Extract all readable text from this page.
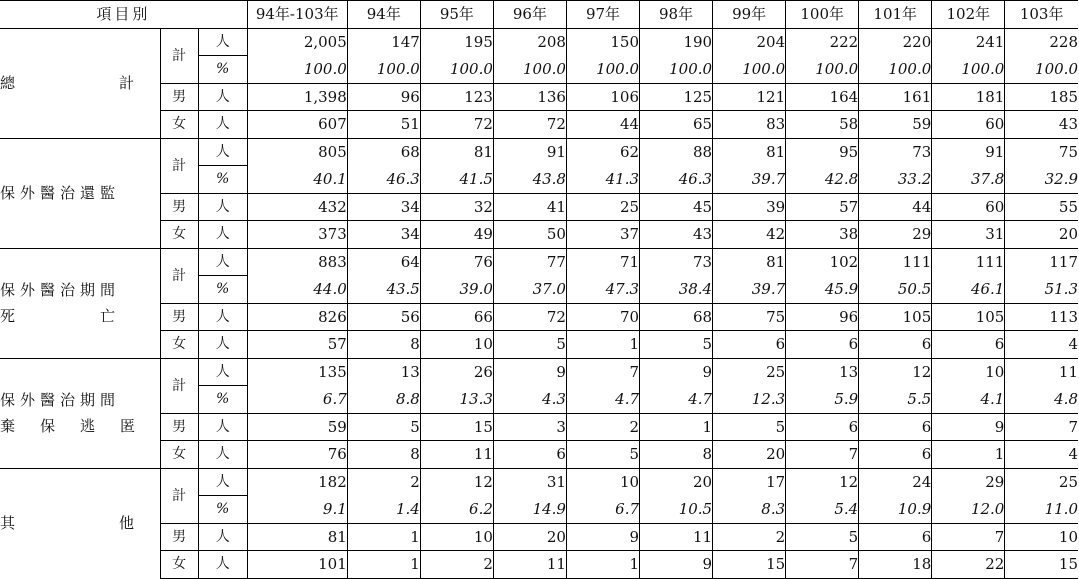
項目別			94年-103年	94年	95年	96年	97年	98年	99年	100年	101年	102年	103年

總 計	計	人	2,005	147	195	208	150	190	204	222	220	241	228
		%	100.0	100.0	100.0	100.0	100.0	100.0	100.0	100.0	100.0	100.0	100.0
	男	人	1,398	96	123	136	106	125	121	164	161	181	185
	女	人	607	51	72	72	44	65	83	58	59	60	43

保外醫治還監	計	人	805	68	81	91	62	88	81	95	73	91	75
		%	40.1	46.3	41.5	43.8	41.3	46.3	39.7	42.8	33.2	37.8	32.9
	男	人	432	34	32	41	25	45	39	57	44	60	55
	女	人	373	34	49	50	37	43	42	38	29	31	20

保外醫治期間
死　　　　亡	計	人	883	64	76	77	71	73	81	102	111	111	117
		%	44.0	43.5	39.0	37.0	47.3	38.4	39.7	45.9	50.5	46.1	51.3
	男	人	826	56	66	72	70	68	75	96	105	105	113
	女	人	57	8	10	5	1	5	6	6	6	6	4

保外醫治期間
棄　保　逃　匿	計	人	135	13	26	9	7	9	25	13	12	10	11
		%	6.7	8.8	13.3	4.3	4.7	4.7	12.3	5.9	5.5	4.1	4.8
	男	人	59	5	15	3	2	1	5	6	6	9	7
	女	人	76	8	11	6	5	8	20	7	6	1	4

其 他	計	人	182	2	12	31	10	20	17	12	24	29	25
		%	9.1	1.4	6.2	14.9	6.7	10.5	8.3	5.4	10.9	12.0	11.0
	男	人	81	1	10	20	9	11	2	5	6	7	10
	女	人	101	1	2	11	1	9	15	7	18	22	15
